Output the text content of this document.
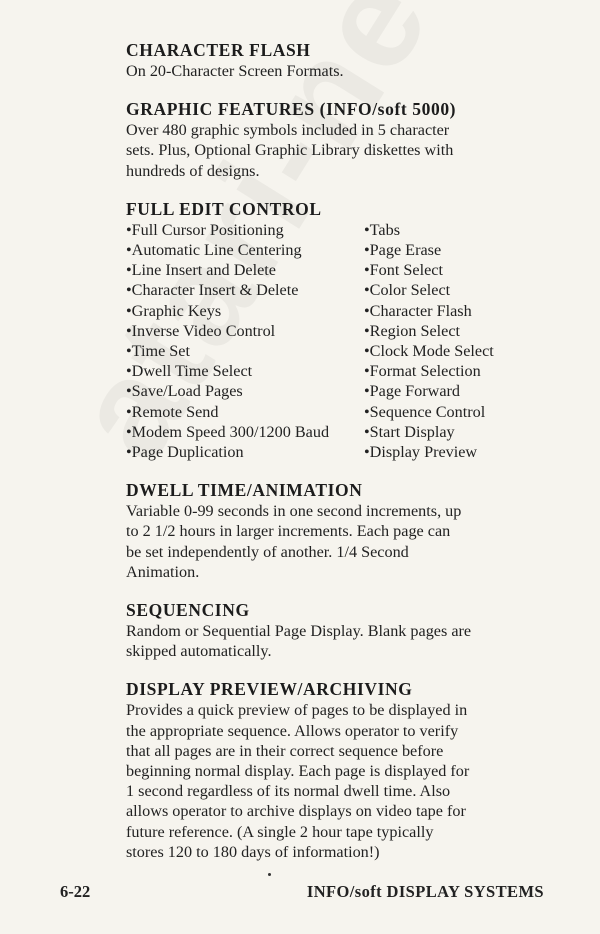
CHARACTER FLASH

On 20-Character Screen Formats.

GRAPHIC FEATURES (INFO/soft 5000)

Over 480 graphic symbols included in 5 character

sets. Plus, Optional Graphic Library diskettes with

hundreds of designs.

FULL EDIT CONTROL
•Full Cursor Positioning
•Automatic Line Centering
•Line Insert and Delete
•Character Insert & Delete
•Graphic Keys
•Inverse Video Control
•Time Set
•Dwell Time Select
•Save/Load Pages
•Remote Send
•Modem Speed 300/1200 Baud
•Page Duplication
•Tabs
•Page Erase
•Font Select
•Color Select
•Character Flash
•Region Select
•Clock Mode Select
•Format Selection
•Page Forward
•Sequence Control
•Start Display
•Display Preview
DWELL TIME/ANIMATION

Variable 0-99 seconds in one second increments, up

to 2 1/2 hours in larger increments. Each page can

be set independently of another. 1/4 Second

Animation.

SEQUENCING

Random or Sequential Page Display. Blank pages are

skipped automatically.

DISPLAY PREVIEW/ARCHIVING

Provides a quick preview of pages to be displayed in

the appropriate sequence. Allows operator to verify

that all pages are in their correct sequence before

beginning normal display. Each page is displayed for

1 second regardless of its normal dwell time. Also

allows operator to archive displays on video tape for

future reference. (A single 2 hour tape typically

stores 120 to 180 days of information!)

6-22	INFO/soft DISPLAY SYSTEMS
